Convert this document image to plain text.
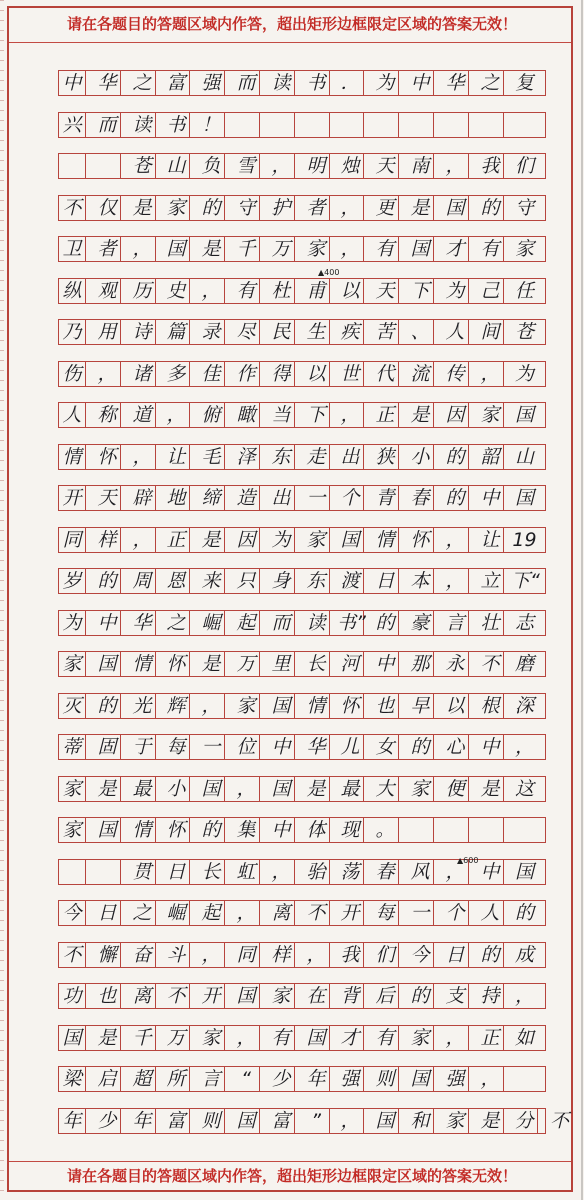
请在各题目的答题区域内作答，超出矩形边框限定区域的答案无效！
中 华 之 富 强 而 读 书 ． 为 中 华 之 复
兴 而 读 书 ！
苍 山 负 雪 ， 明 烛 天 南 ， 我 们
不 仅 是 家 的 守 护 者 ， 更 是 国 的 守
卫 者 ， 国 是 千 万 家 ， 有 国 才 有 家
纵 观 历 史 ， 有 杜 甫 以 天 下 为 己 任
乃 用 诗 篇 录 尽 民 生 疾 苦 、 人 间 苍
伤 ， 诸 多 佳 作 得 以 世 代 流 传 ， 为
人 称 道 ， 俯 瞰 当 下 ， 正 是 因 家 国
情 怀 ， 让 毛 泽 东 走 出 狭 小 的 韶 山
开 天 辟 地 缔 造 出 一 个 青 春 的 中 国
同 样 ， 正 是 因 为 家 国 情 怀 ， 让 19
岁 的 周 恩 来 只 身 东 渡 日 本 ， 立 下“
为 中 华 之 崛 起 而 读 书” 的 豪 言 壮 志
家 国 情 怀 是 万 里 长 河 中 那 永 不 磨
灭 的 光 辉 ， 家 国 情 怀 也 早 以 根 深
蒂 固 于 每 一 位 中 华 儿 女 的 心 中 ，
家 是 最 小 国 ， 国 是 最 大 家 便 是 这
家 国 情 怀 的 集 中 体 现 。
贯 日 长 虹 ， 骀 荡 春 风 ， 中 国
今 日 之 崛 起 ， 离 不 开 每 一 个 人 的
不 懈 奋 斗 ， 同 样 ， 我 们 今 日 的 成
功 也 离 不 开 国 家 在 背 后 的 支 持 ，
国 是 千 万 家 ， 有 国 才 有 家 ， 正 如
梁 启 超 所 言	“	少 年 强 则 国 强 ，
年 少 年 富 则 国 富	”	， 国 和 家 是 分 不
▲400
▲600
请在各题目的答题区域内作答，超出矩形边框限定区域的答案无效！
